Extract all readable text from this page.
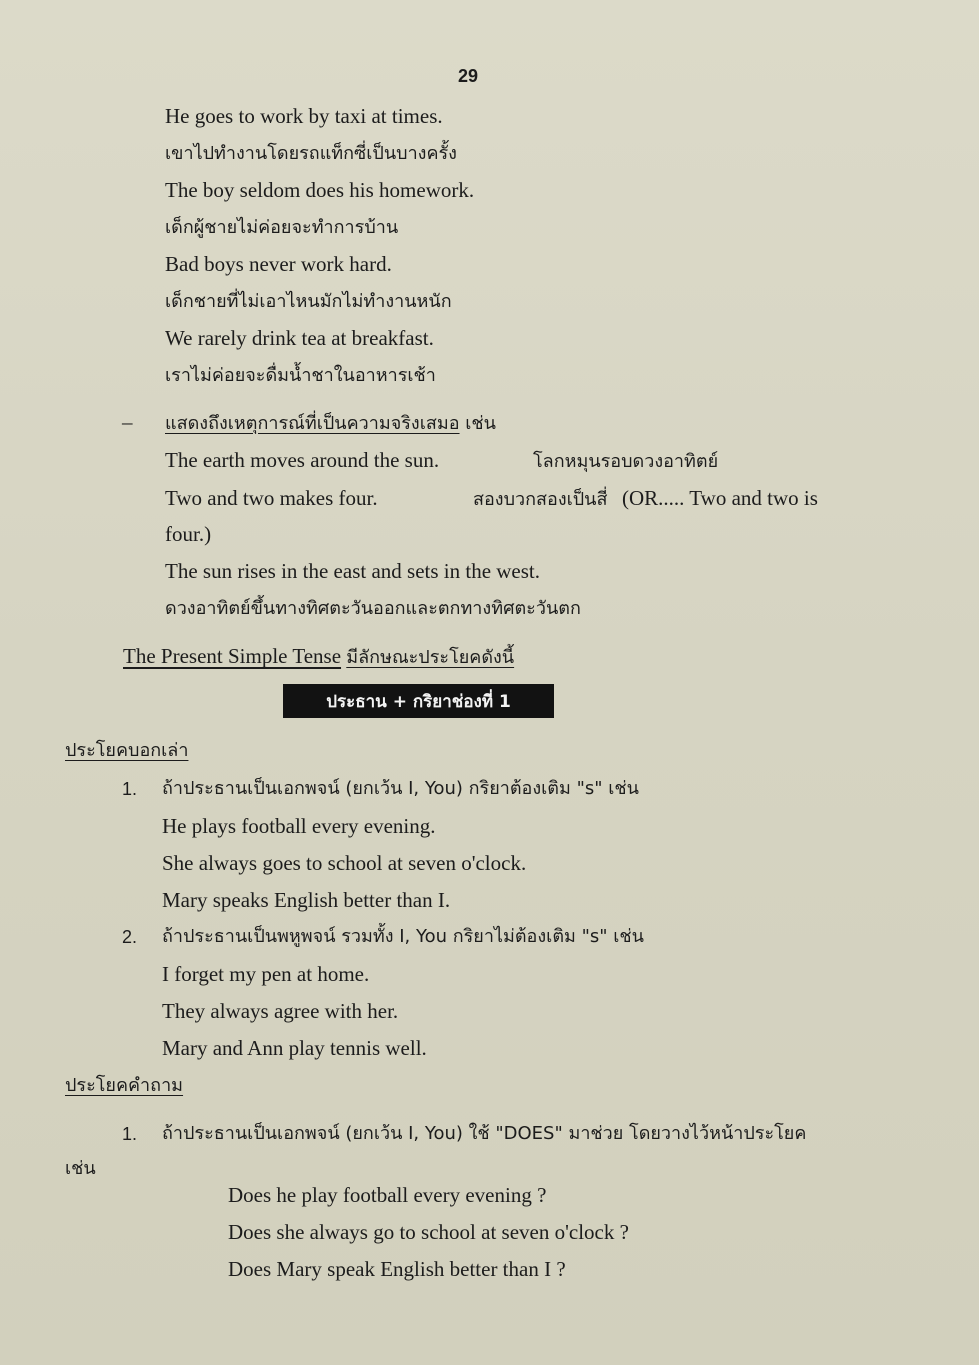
29
He goes to work by taxi at times.
เขาไปทำงานโดยรถแท็กซี่เป็นบางครั้ง
The boy seldom does his homework.
เด็กผู้ชายไม่ค่อยจะทำการบ้าน
Bad boys never work hard.
เด็กชายที่ไม่เอาไหนมักไม่ทำงานหนัก
We rarely drink tea at breakfast.
เราไม่ค่อยจะดื่มน้ำชาในอาหารเช้า
– แสดงถึงเหตุการณ์ที่เป็นความจริงเสมอ เช่น
The earth moves around the sun.	โลกหมุนรอบดวงอาทิตย์
Two and two makes four.	สองบวกสองเป็นสี่ (OR..... Two and two is
four.)
The sun rises in the east and sets in the west.
ดวงอาทิตย์ขึ้นทางทิศตะวันออกและตกทางทิศตะวันตก
The Present Simple Tense มีลักษณะประโยคดังนี้
ประธาน + กริยาช่องที่ 1
ประโยคบอกเล่า
1. ถ้าประธานเป็นเอกพจน์ (ยกเว้น I, You) กริยาต้องเติม "s" เช่น
He plays football every evening.
She always goes to school at seven o'clock.
Mary speaks English better than I.
2. ถ้าประธานเป็นพหูพจน์ รวมทั้ง I, You กริยาไม่ต้องเติม "s" เช่น
I forget my pen at home.
They always agree with her.
Mary and Ann play tennis well.
ประโยคคำถาม
1. ถ้าประธานเป็นเอกพจน์ (ยกเว้น I, You) ใช้ "DOES" มาช่วย โดยวางไว้หน้าประโยค
เช่น
Does he play football every evening ?
Does she always go to school at seven o'clock ?
Does Mary speak English better than I ?
